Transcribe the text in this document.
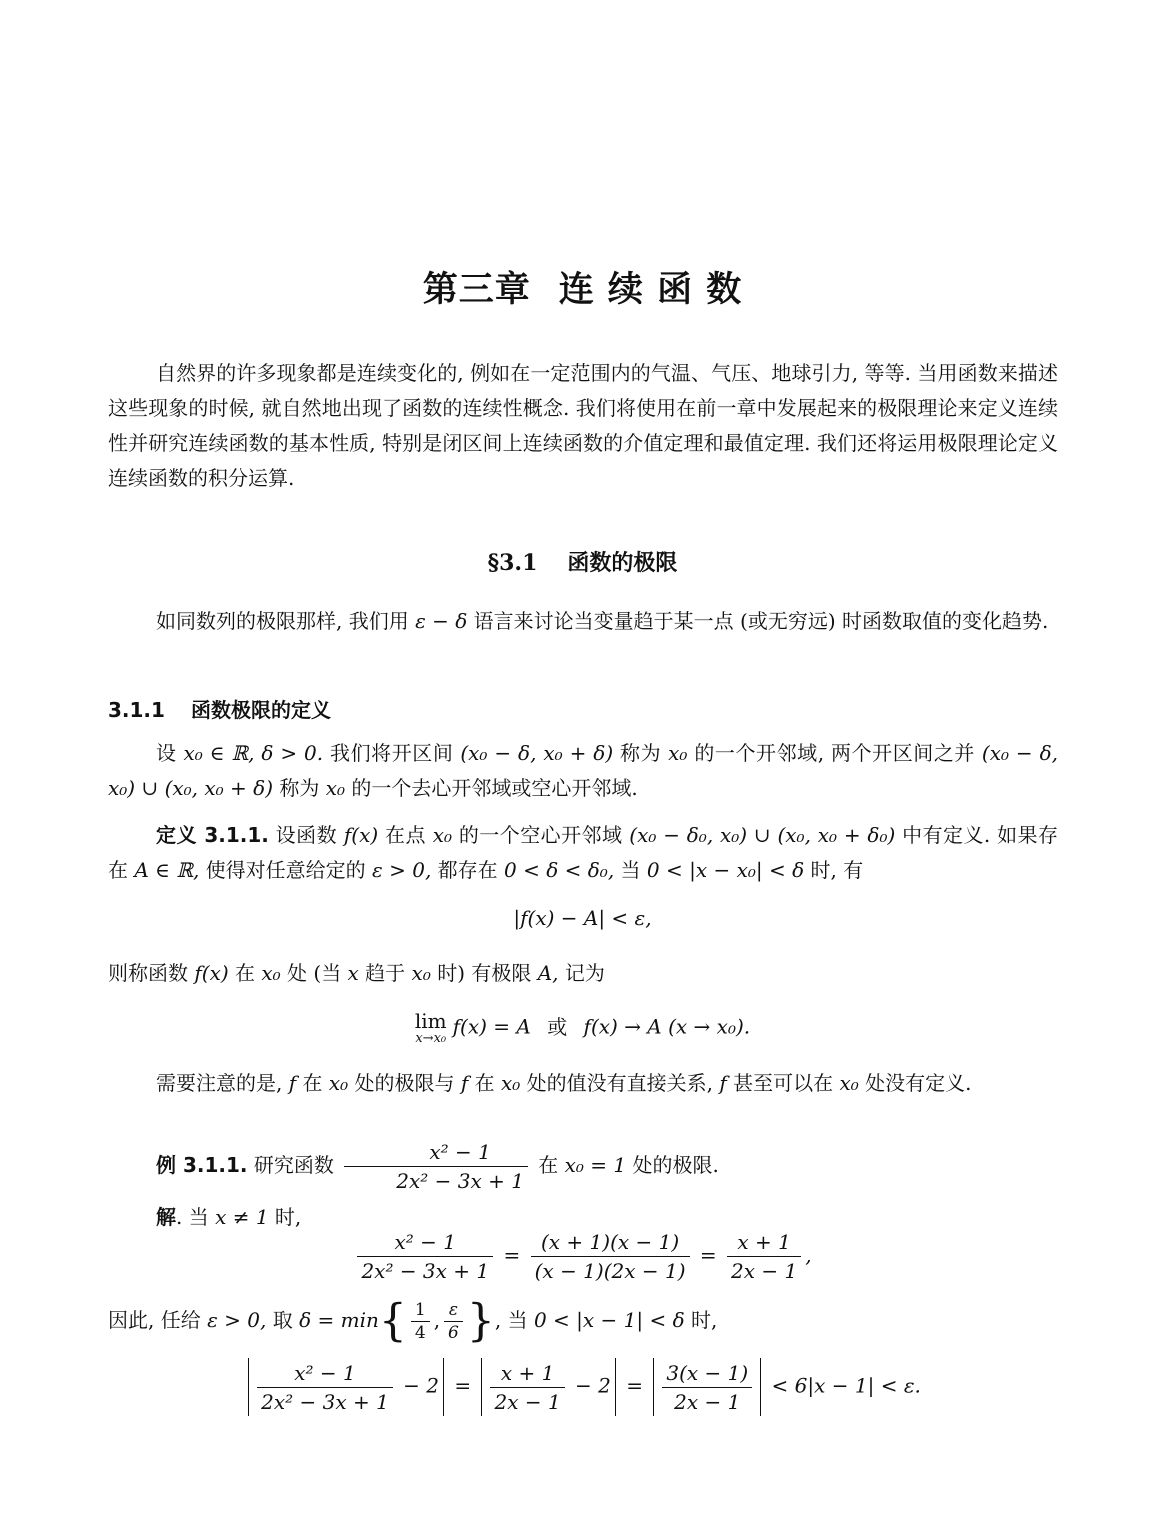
第三章 连 续 函 数

自然界的许多现象都是连续变化的, 例如在一定范围内的气温、气压、地球引力, 等等. 当用函数来描述这些现象的时候, 就自然地出现了函数的连续性概念. 我们将使用在前一章中发展起来的极限理论来定义连续性并研究连续函数的基本性质, 特别是闭区间上连续函数的介值定理和最值定理. 我们还将运用极限理论定义连续函数的积分运算.

§3.1 函数的极限

如同数列的极限那样, 我们用 ε − δ 语言来讨论当变量趋于某一点 (或无穷远) 时函数取值的变化趋势.

3.1.1 函数极限的定义

设 x₀ ∈ ℝ, δ > 0. 我们将开区间 (x₀ − δ, x₀ + δ) 称为 x₀ 的一个开邻域, 两个开区间之并 (x₀ − δ, x₀) ∪ (x₀, x₀ + δ) 称为 x₀ 的一个去心开邻域或空心开邻域.

定义 3.1.1. 设函数 f(x) 在点 x₀ 的一个空心开邻域 (x₀ − δ₀, x₀) ∪ (x₀, x₀ + δ₀) 中有定义. 如果存在 A ∈ ℝ, 使得对任意给定的 ε > 0, 都存在 0 < δ < δ₀, 当 0 < |x − x₀| < δ 时, 有

|f(x) − A| < ε,

则称函数 f(x) 在 x₀ 处 (当 x 趋于 x₀ 时) 有极限 A, 记为

lim
x→x₀ f(x) = A 或 f(x) → A (x → x₀).

需要注意的是, f 在 x₀ 处的极限与 f 在 x₀ 处的值没有直接关系, f 甚至可以在 x₀ 处没有定义.

例 3.1.1. 研究函数 $\frac{\text{x² − 1}}{\text{2x² − 3x + 1}}$ 在 x₀ = 1 处的极限.

解. 当 x ≠ 1 时,

$\frac{\text{x² − 1}}{\text{2x² − 3x + 1}} = \frac{(x + 1)(x - 1)}{(x - 1)(2x - 1)} = \frac{x + 1}{2x - 1}$ ,

因此, 任给 ε > 0, 取 $\delta = \min\{ \frac{1}{4}$ , $\frac{\varepsilon}{6}$ }, 当 0 < |x − 1| < δ 时,

$\frac{\text{x² − 1}}{\text{2x² − 3x + 1}} - 2 = \frac{x + 1}{2x - 1} - 2 = \frac{3(x - 1)}{2x - 1} < 6|x - 1| < \varepsilon$.
